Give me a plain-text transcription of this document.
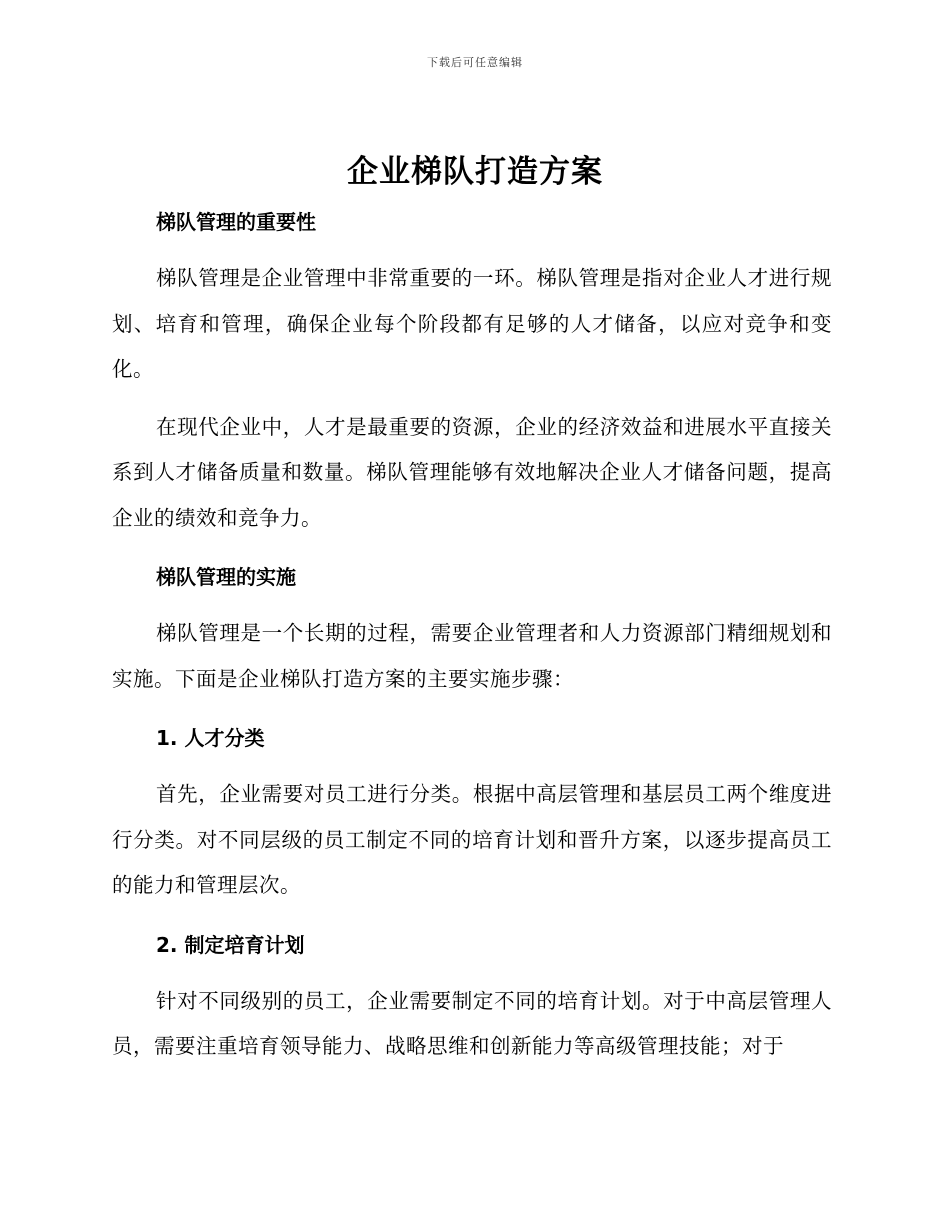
下载后可任意编辑
企业梯队打造方案
梯队管理的重要性

梯队管理是企业管理中非常重要的一环。梯队管理是指对企业人才进行规划、培育和管理，确保企业每个阶段都有足够的人才储备，以应对竞争和变化。

在现代企业中，人才是最重要的资源，企业的经济效益和进展水平直接关系到人才储备质量和数量。梯队管理能够有效地解决企业人才储备问题，提高企业的绩效和竞争力。

梯队管理的实施

梯队管理是一个长期的过程，需要企业管理者和人力资源部门精细规划和实施。下面是企业梯队打造方案的主要实施步骤：

1. 人才分类

首先，企业需要对员工进行分类。根据中高层管理和基层员工两个维度进行分类。对不同层级的员工制定不同的培育计划和晋升方案，以逐步提高员工的能力和管理层次。

2. 制定培育计划

针对不同级别的员工，企业需要制定不同的培育计划。对于中高层管理人员，需要注重培育领导能力、战略思维和创新能力等高级管理技能；对于
